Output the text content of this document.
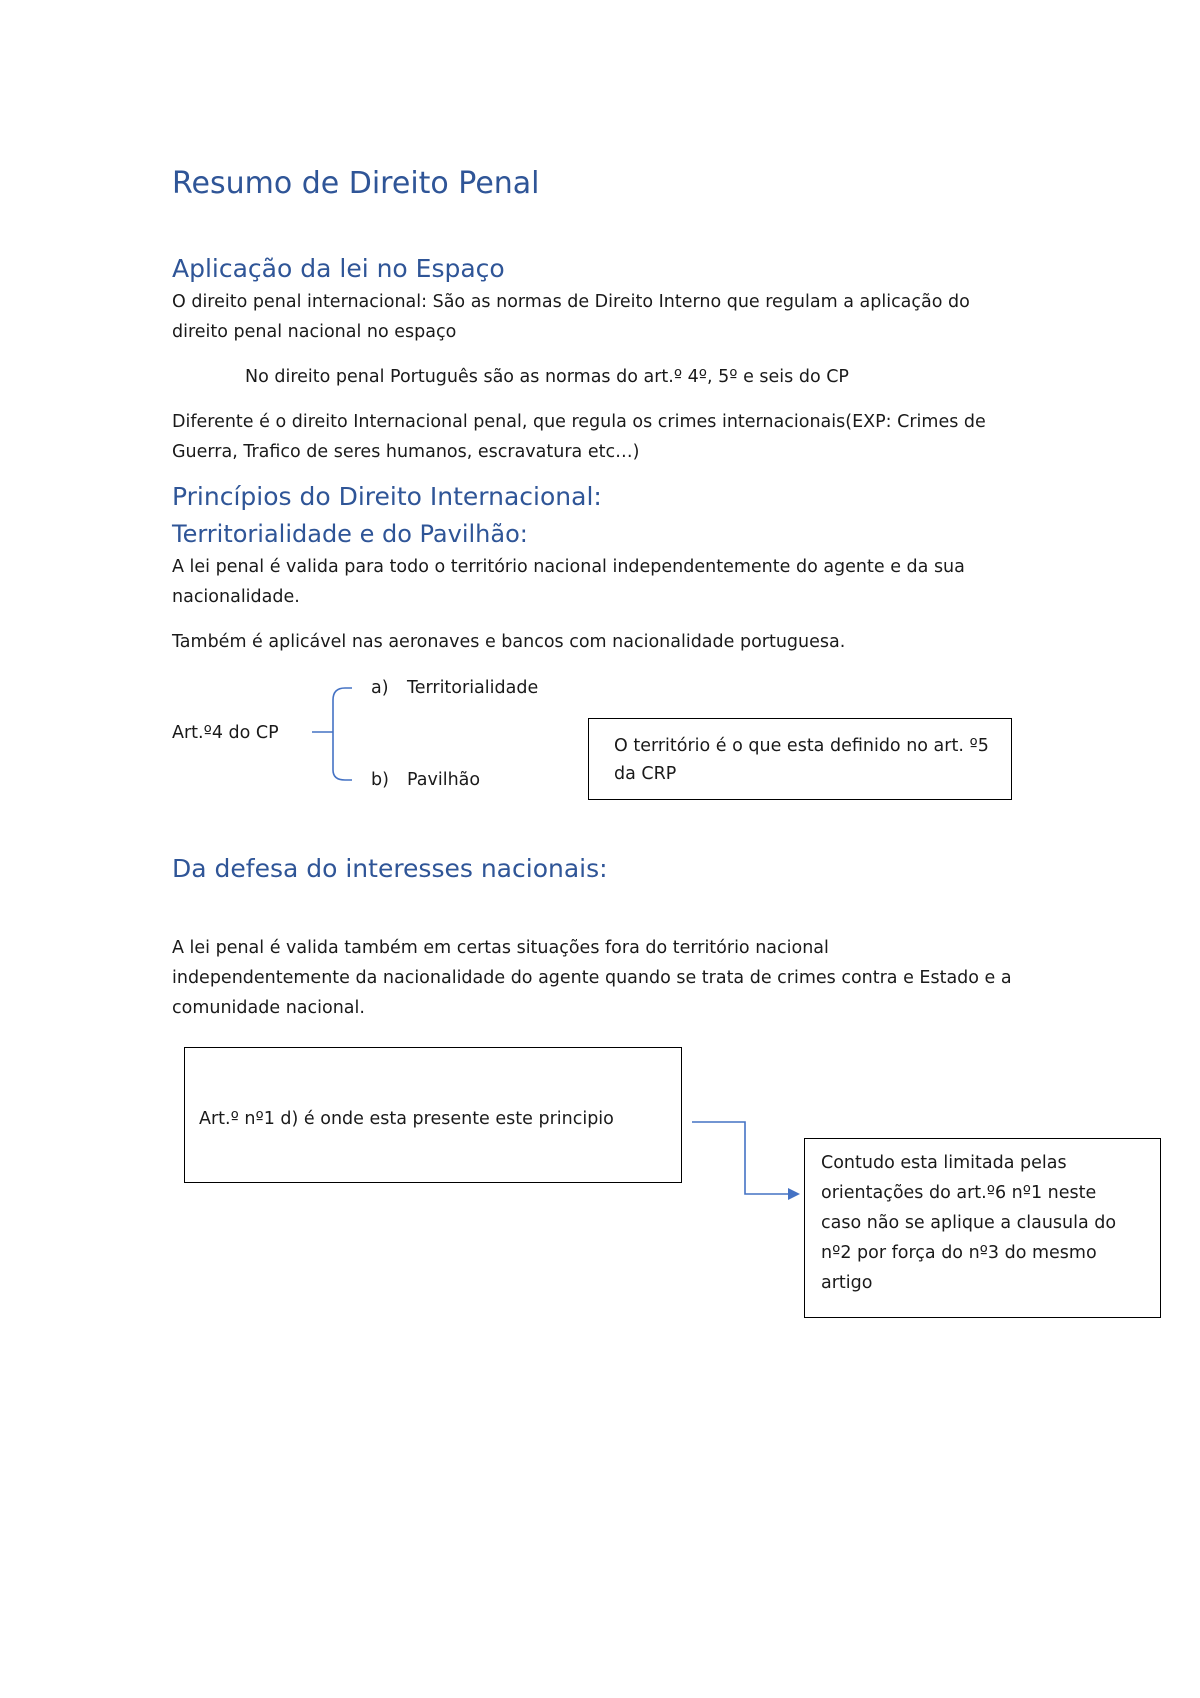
Resumo de Direito Penal

Aplicação da lei no Espaço

O direito penal internacional: São as normas de Direito Interno que regulam a aplicação do

direito penal nacional no espaço

No direito penal Português são as normas do art.º 4º, 5º e seis do CP

Diferente é o direito Internacional penal, que regula os crimes internacionais(EXP: Crimes de

Guerra, Trafico de seres humanos, escravatura etc…)

Princípios do Direito Internacional:

Territorialidade e do Pavilhão:

A lei penal é valida para todo o território nacional independentemente do agente e da sua

nacionalidade.

Também é aplicável nas aeronaves e bancos com nacionalidade portuguesa.

Art.º4 do CP

a) Territorialidade

b) Pavilhão

O território é o que esta definido no art. º5
da CRP

Da defesa do interesses nacionais:

A lei penal é valida também em certas situações fora do território nacional

independentemente da nacionalidade do agente quando se trata de crimes contra e Estado e a

comunidade nacional.

Art.º nº1 d) é onde esta presente este principio
Contudo esta limitada pelas
orientações do art.º6 nº1 neste
caso não se aplique a clausula do
nº2 por força do nº3 do mesmo
artigo
